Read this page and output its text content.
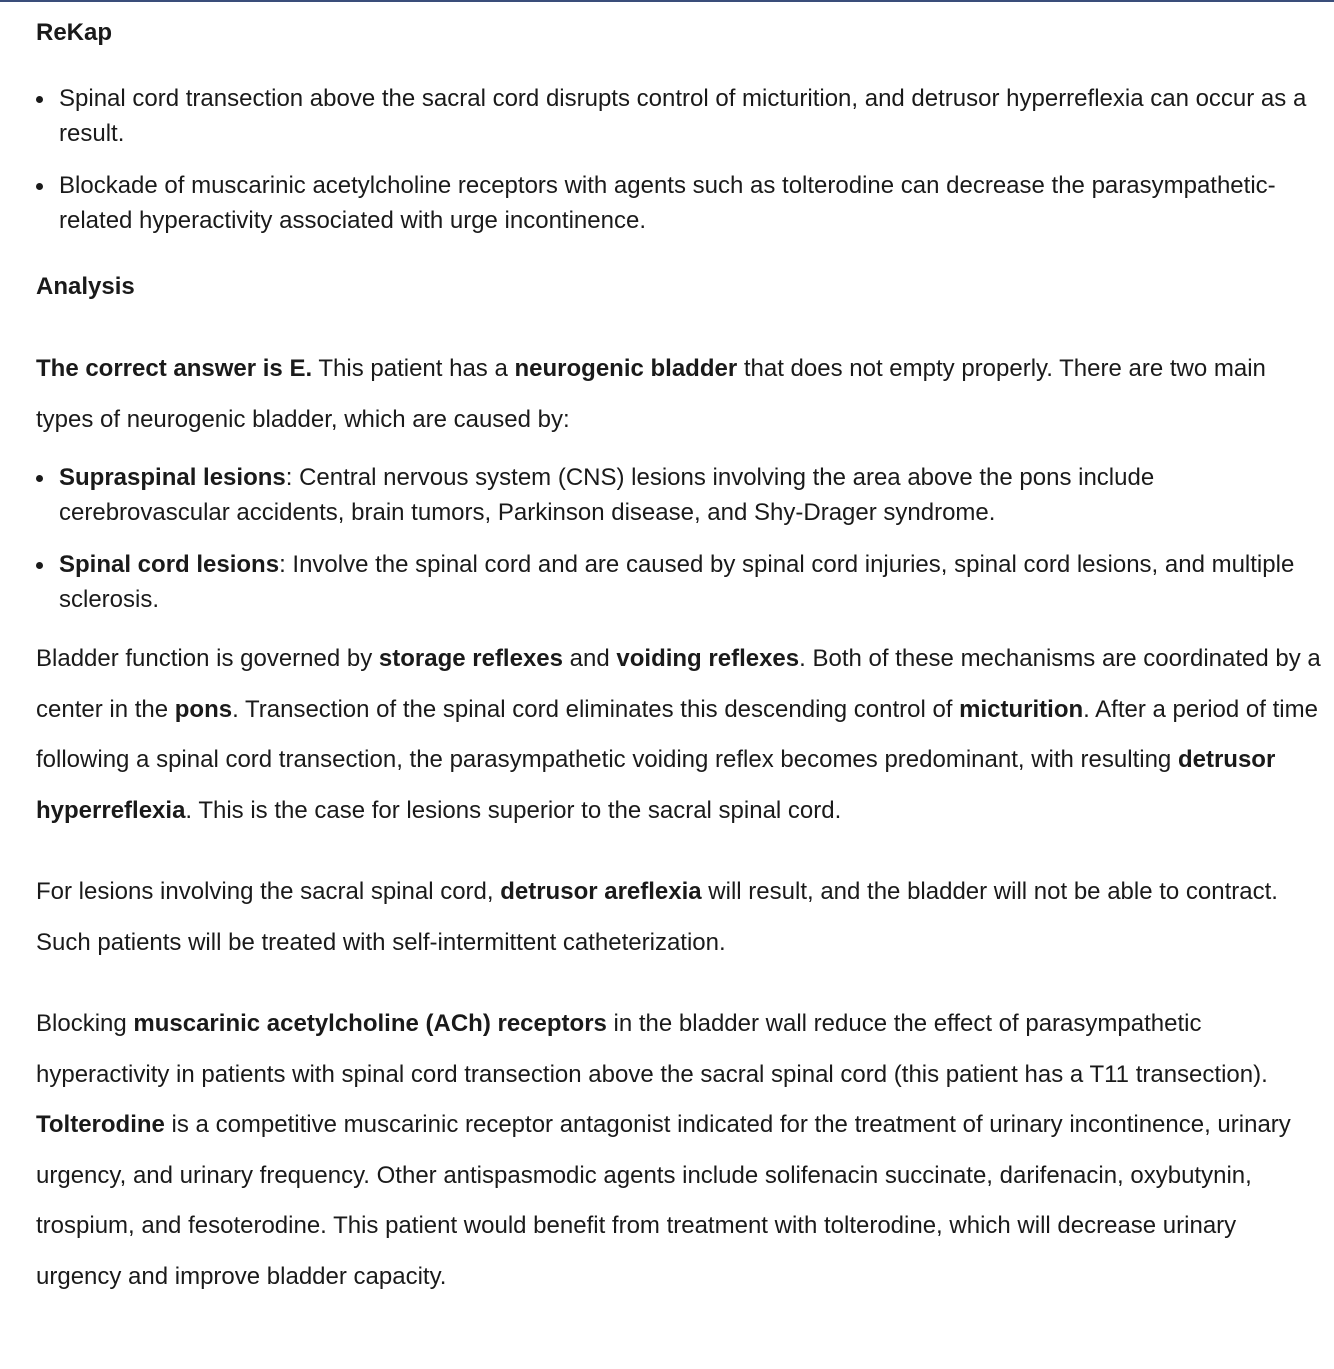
ReKap
Spinal cord transection above the sacral cord disrupts control of micturition, and detrusor hyperreflexia can occur as a result.
Blockade of muscarinic acetylcholine receptors with agents such as tolterodine can decrease the parasympathetic-related hyperactivity associated with urge incontinence.
Analysis

The correct answer is E. This patient has a neurogenic bladder that does not empty properly. There are two main types of neurogenic bladder, which are caused by:

Supraspinal lesions: Central nervous system (CNS) lesions involving the area above the pons include cerebrovascular accidents, brain tumors, Parkinson disease, and Shy-Drager syndrome.
Spinal cord lesions: Involve the spinal cord and are caused by spinal cord injuries, spinal cord lesions, and multiple sclerosis.

Bladder function is governed by storage reflexes and voiding reflexes. Both of these mechanisms are coordinated by a center in the pons. Transection of the spinal cord eliminates this descending control of micturition. After a period of time following a spinal cord transection, the parasympathetic voiding reflex becomes predominant, with resulting detrusor hyperreflexia. This is the case for lesions superior to the sacral spinal cord.

For lesions involving the sacral spinal cord, detrusor areflexia will result, and the bladder will not be able to contract. Such patients will be treated with self-intermittent catheterization.

Blocking muscarinic acetylcholine (ACh) receptors in the bladder wall reduce the effect of parasympathetic hyperactivity in patients with spinal cord transection above the sacral spinal cord (this patient has a T11 transection). Tolterodine is a competitive muscarinic receptor antagonist indicated for the treatment of urinary incontinence, urinary urgency, and urinary frequency. Other antispasmodic agents include solifenacin succinate, darifenacin, oxybutynin, trospium, and fesoterodine. This patient would benefit from treatment with tolterodine, which will decrease urinary urgency and improve bladder capacity.
